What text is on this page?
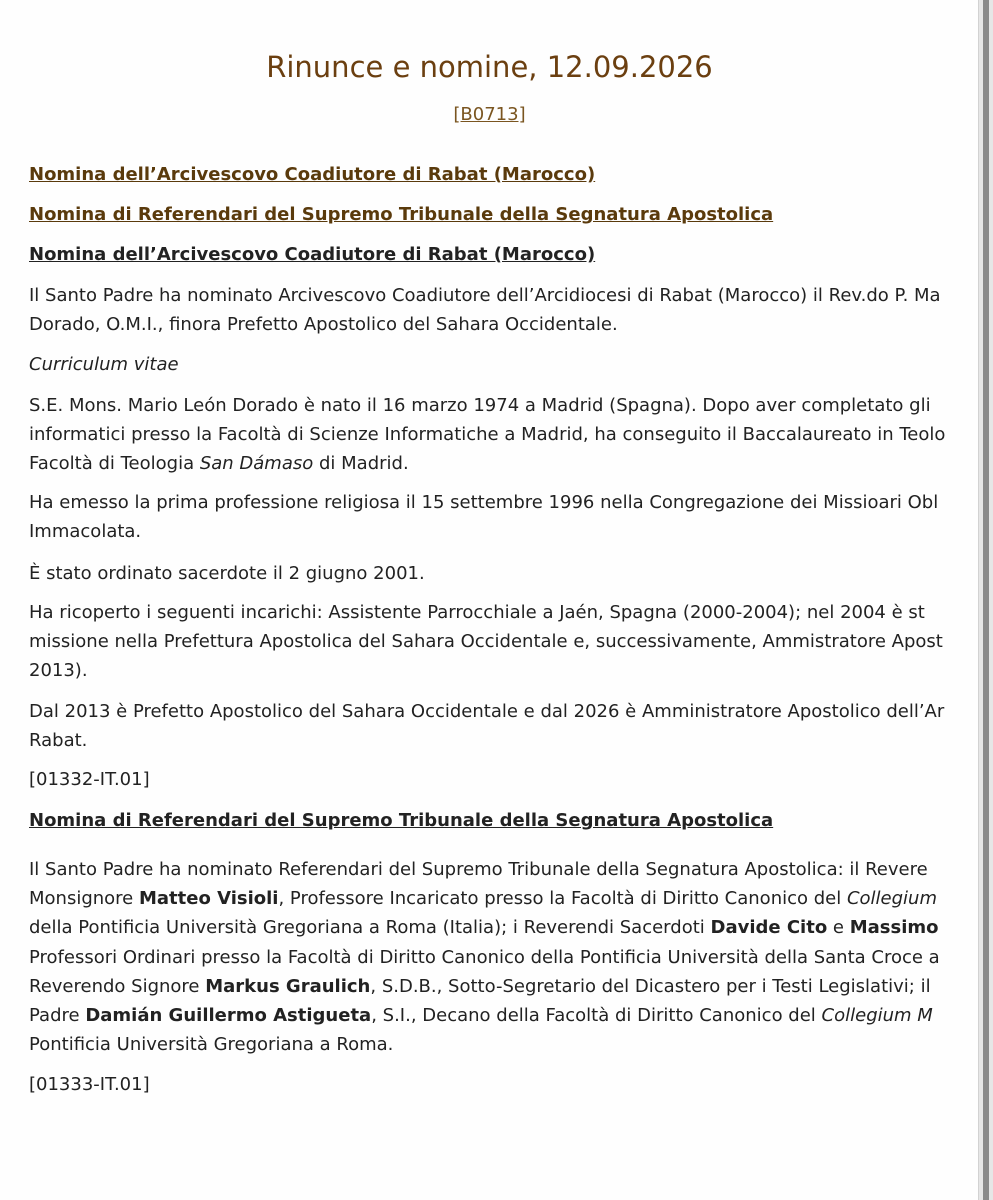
Rinunce e nomine, 12.09.2026
[B0713]
Nomina dell’Arcivescovo Coadiutore di Rabat (Marocco)
Nomina di Referendari del Supremo Tribunale della Segnatura Apostolica
Nomina dell’Arcivescovo Coadiutore di Rabat (Marocco)
Il Santo Padre ha nominato Arcivescovo Coadiutore dell’Arcidiocesi di Rabat (Marocco) il Rev.do P. Ma
Dorado, O.M.I., finora Prefetto Apostolico del Sahara Occidentale.
Curriculum vitae
S.E. Mons. Mario León Dorado è nato il 16 marzo 1974 a Madrid (Spagna). Dopo aver completato gli
informatici presso la Facoltà di Scienze Informatiche a Madrid, ha conseguito il Baccalaureato in Teolo
Facoltà di Teologia San Dámaso di Madrid.
Ha emesso la prima professione religiosa il 15 settembre 1996 nella Congregazione dei Missioari Obl
Immacolata.
È stato ordinato sacerdote il 2 giugno 2001.
Ha ricoperto i seguenti incarichi: Assistente Parrocchiale a Jaén, Spagna (2000-2004); nel 2004 è st
missione nella Prefettura Apostolica del Sahara Occidentale e, successivamente, Ammistratore Apost
2013).
Dal 2013 è Prefetto Apostolico del Sahara Occidentale e dal 2026 è Amministratore Apostolico dell’Ar
Rabat.
[01332-IT.01]
Nomina di Referendari del Supremo Tribunale della Segnatura Apostolica
Il Santo Padre ha nominato Referendari del Supremo Tribunale della Segnatura Apostolica: il Revere
Monsignore Matteo Visioli, Professore Incaricato presso la Facoltà di Diritto Canonico del Collegium
della Pontificia Università Gregoriana a Roma (Italia); i Reverendi Sacerdoti Davide Cito e Massimo
Professori Ordinari presso la Facoltà di Diritto Canonico della Pontificia Università della Santa Croce a
Reverendo Signore Markus Graulich, S.D.B., Sotto-Segretario del Dicastero per i Testi Legislativi; il
Padre Damián Guillermo Astigueta, S.I., Decano della Facoltà di Diritto Canonico del Collegium M
Pontificia Università Gregoriana a Roma.
[01333-IT.01]
